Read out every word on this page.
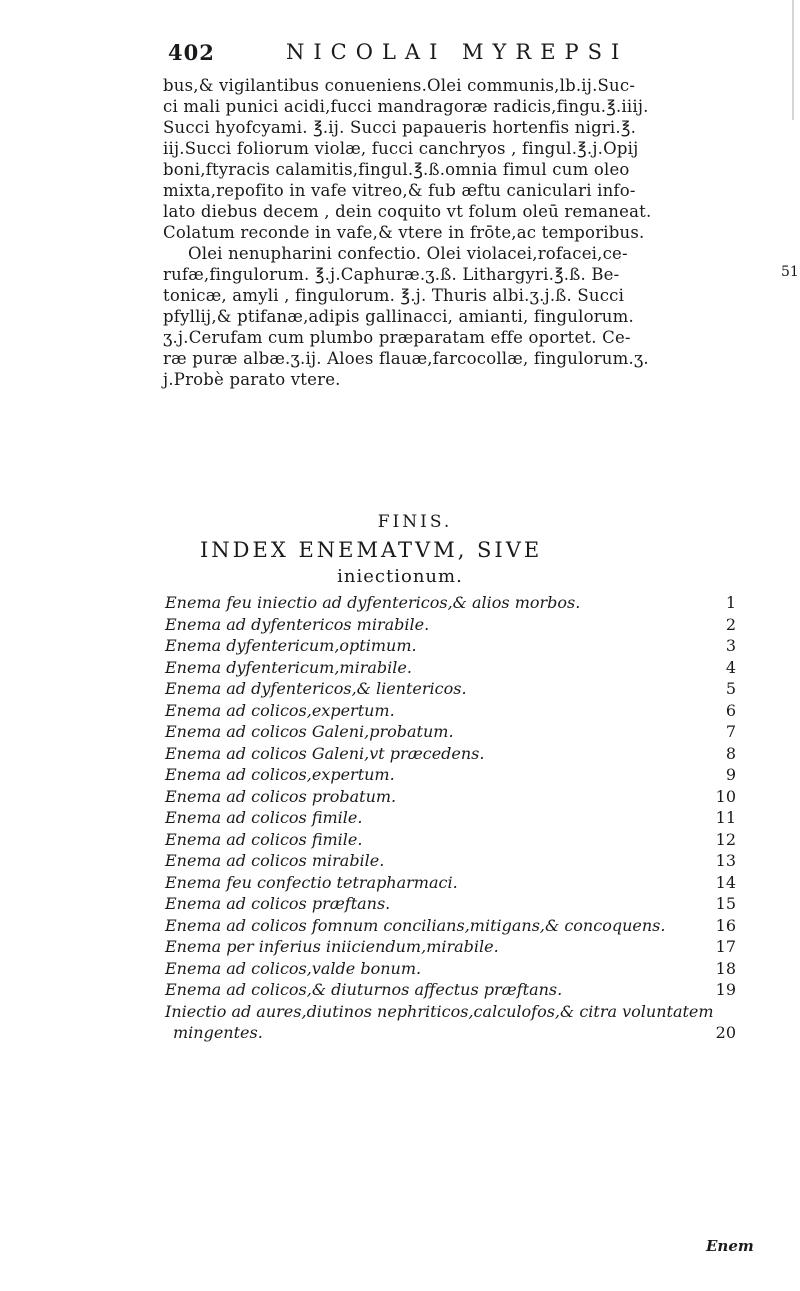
402	NICOLAI MYREPSI
bus,& vigilantibus conueniens.Olei communis,lb.ij.Suc-
ci mali punici acidi,fucci mandragoræ radicis,fingu.℥.iiij.
Succi hyofcyami. ℥.ij. Succi papaueris hortenfis nigri.℥.
iij.Succi foliorum violæ, fucci canchryos , fingul.℥.j.Opij
boni,ftyracis calamitis,fingul.℥.ß.omnia fimul cum oleo
mixta,repofito in vafe vitreo,& fub æftu caniculari info-
lato diebus decem , dein coquito vt folum oleū remaneat.
Colatum reconde in vafe,& vtere in frōte,ac temporibus.
Olei nenupharini confectio. Olei violacei,rofacei,ce-
rufæ,fingulorum. ℥.j.Caphuræ.ʒ.ß. Lithargyri.℥.ß. Be-
tonicæ, amyli , fingulorum. ℥.j. Thuris albi.ʒ.j.ß. Succi
pfyllij,& ptifanæ,adipis gallinacci, amianti, fingulorum.
ʒ.j.Cerufam cum plumbo præparatam effe oportet. Ce-
ræ puræ albæ.ʒ.ij. Aloes flauæ,farcocollæ, fingulorum.ʒ.
j.Probè parato vtere.
51
FINIS.
INDEX ENEMATVM, SIVE
iniectionum.
Enema feu iniectio ad dyfentericos,& alios morbos.	1
Enema ad dyfentericos mirabile.	2
Enema dyfentericum,optimum.	3
Enema dyfentericum,mirabile.	4
Enema ad dyfentericos,& lientericos.	5
Enema ad colicos,expertum.	6
Enema ad colicos Galeni,probatum.	7
Enema ad colicos Galeni,vt præcedens.	8
Enema ad colicos,expertum.	9
Enema ad colicos probatum.	10
Enema ad colicos fimile.	11
Enema ad colicos fimile.	12
Enema ad colicos mirabile.	13
Enema feu confectio tetrapharmaci.	14
Enema ad colicos præftans.	15
Enema ad colicos fomnum concilians,mitigans,& concoquens.	16
Enema per inferius iniiciendum,mirabile.	17
Enema ad colicos,valde bonum.	18
Enema ad colicos,& diuturnos affectus præftans.	19
Iniectio ad aures,diutinos nephriticos,calculofos,& citra voluntatem
mingentes.	20
Enem
